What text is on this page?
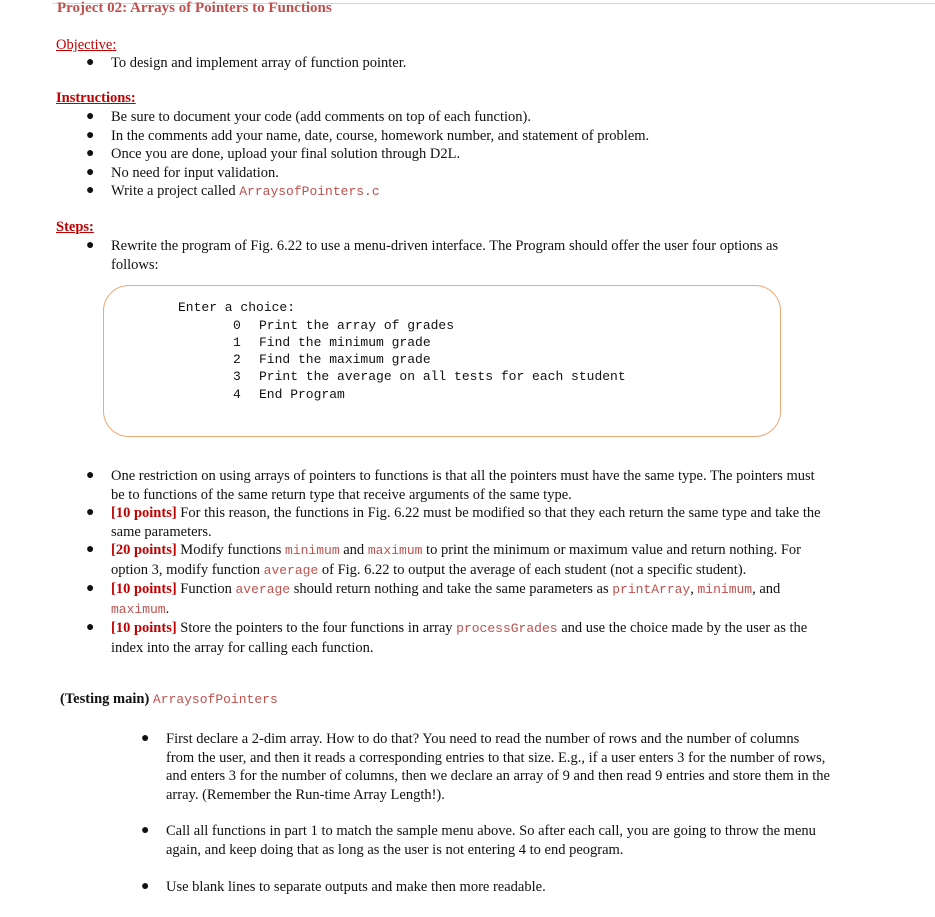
Project 02: Arrays of Pointers to Functions
Objective:
● To design and implement array of function pointer.
Instructions:
● Be sure to document your code (add comments on top of each function).
● In the comments add your name, date, course, homework number, and statement of problem.
● Once you are done, upload your final solution through D2L.
● No need for input validation.
● Write a project called ArraysofPointers.c
Steps:
● Rewrite the program of Fig. 6.22 to use a menu-driven interface. The Program should offer the user four options as
follows:
Enter a choice:
0 Print the array of grades
1 Find the minimum grade
2 Find the maximum grade
3 Print the average on all tests for each student
4 End Program
● One restriction on using arrays of pointers to functions is that all the pointers must have the same type. The pointers must
be to functions of the same return type that receive arguments of the same type.
● [10 points] For this reason, the functions in Fig. 6.22 must be modified so that they each return the same type and take the
same parameters.
● [20 points] Modify functions minimum and maximum to print the minimum or maximum value and return nothing. For
option 3, modify function average of Fig. 6.22 to output the average of each student (not a specific student).
● [10 points] Function average should return nothing and take the same parameters as printArray, minimum, and
maximum.
● [10 points] Store the pointers to the four functions in array processGrades and use the choice made by the user as the
index into the array for calling each function.
(Testing main) ArraysofPointers
● First declare a 2-dim array. How to do that? You need to read the number of rows and the number of columns
from the user, and then it reads a corresponding entries to that size. E.g., if a user enters 3 for the number of rows,
and enters 3 for the number of columns, then we declare an array of 9 and then read 9 entries and store them in the
array. (Remember the Run-time Array Length!).
● Call all functions in part 1 to match the sample menu above. So after each call, you are going to throw the menu
again, and keep doing that as long as the user is not entering 4 to end peogram.
● Use blank lines to separate outputs and make then more readable.
